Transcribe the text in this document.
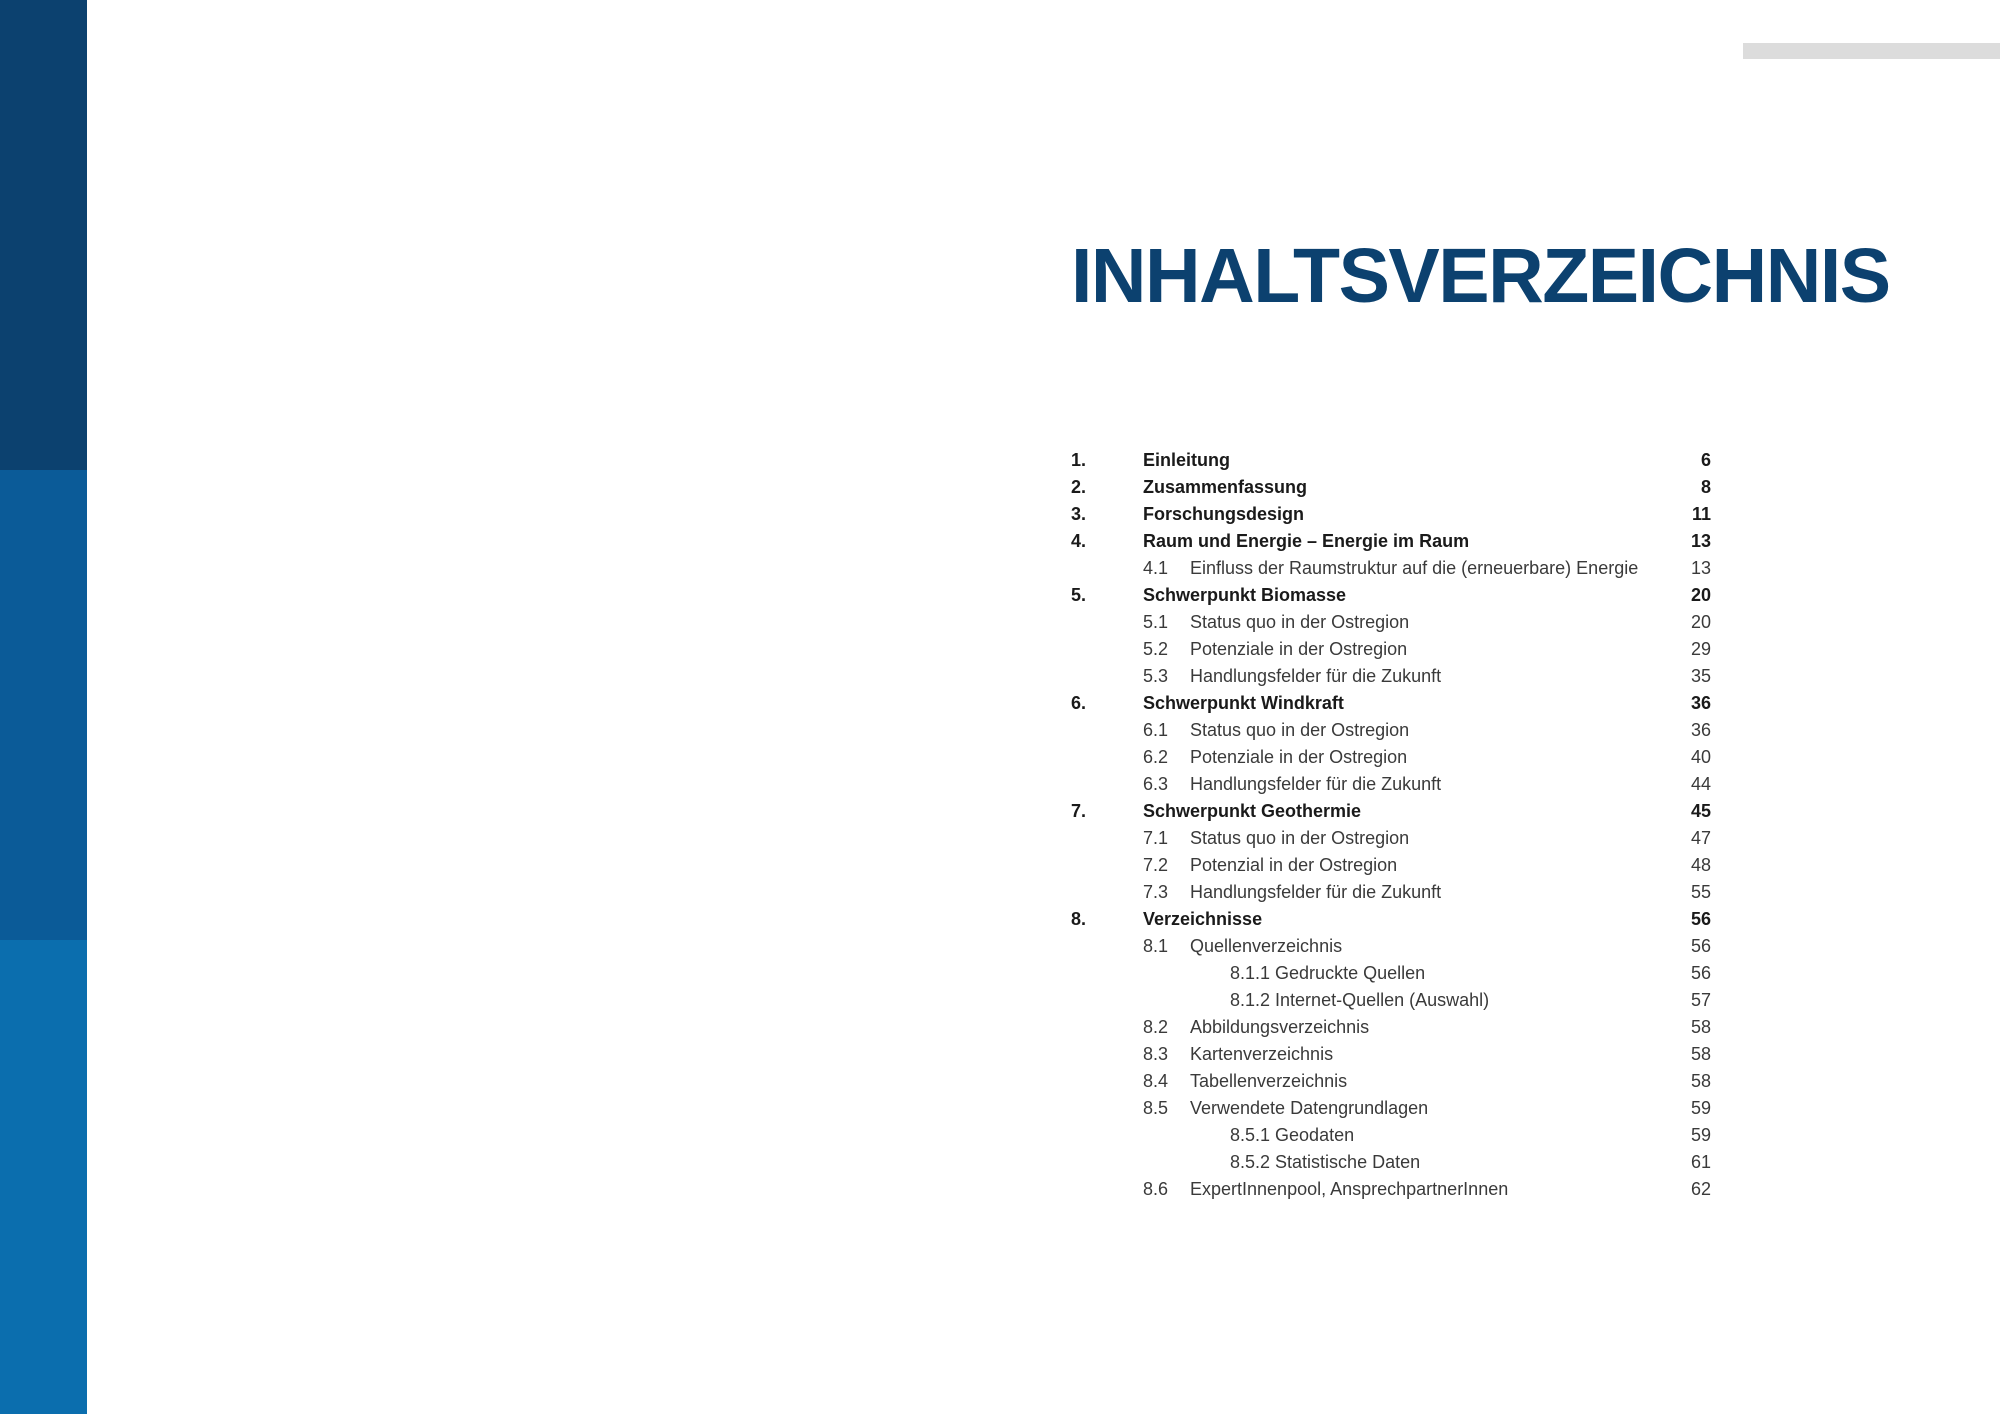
INHALTSVERZEICHNIS
1.	Einleitung	6
2.	Zusammenfassung	8
3.	Forschungsdesign	11
4.	Raum und Energie – Energie im Raum	13
4.1 Einfluss der Raumstruktur auf die (erneuerbare) Energie	13
5.	Schwerpunkt Biomasse	20
5.1 Status quo in der Ostregion	20
5.2 Potenziale in der Ostregion	29
5.3 Handlungsfelder für die Zukunft	35
6.	Schwerpunkt Windkraft	36
6.1 Status quo in der Ostregion	36
6.2 Potenziale in der Ostregion	40
6.3 Handlungsfelder für die Zukunft	44
7.	Schwerpunkt Geothermie	45
7.1 Status quo in der Ostregion	47
7.2 Potenzial in der Ostregion	48
7.3 Handlungsfelder für die Zukunft	55
8.	Verzeichnisse	56
8.1 Quellenverzeichnis	56
8.1.1 Gedruckte Quellen	56
8.1.2 Internet-Quellen (Auswahl)	57
8.2 Abbildungsverzeichnis	58
8.3 Kartenverzeichnis	58
8.4 Tabellenverzeichnis	58
8.5 Verwendete Datengrundlagen	59
8.5.1 Geodaten	59
8.5.2 Statistische Daten	61
8.6 ExpertInnenpool, AnsprechpartnerInnen	62
